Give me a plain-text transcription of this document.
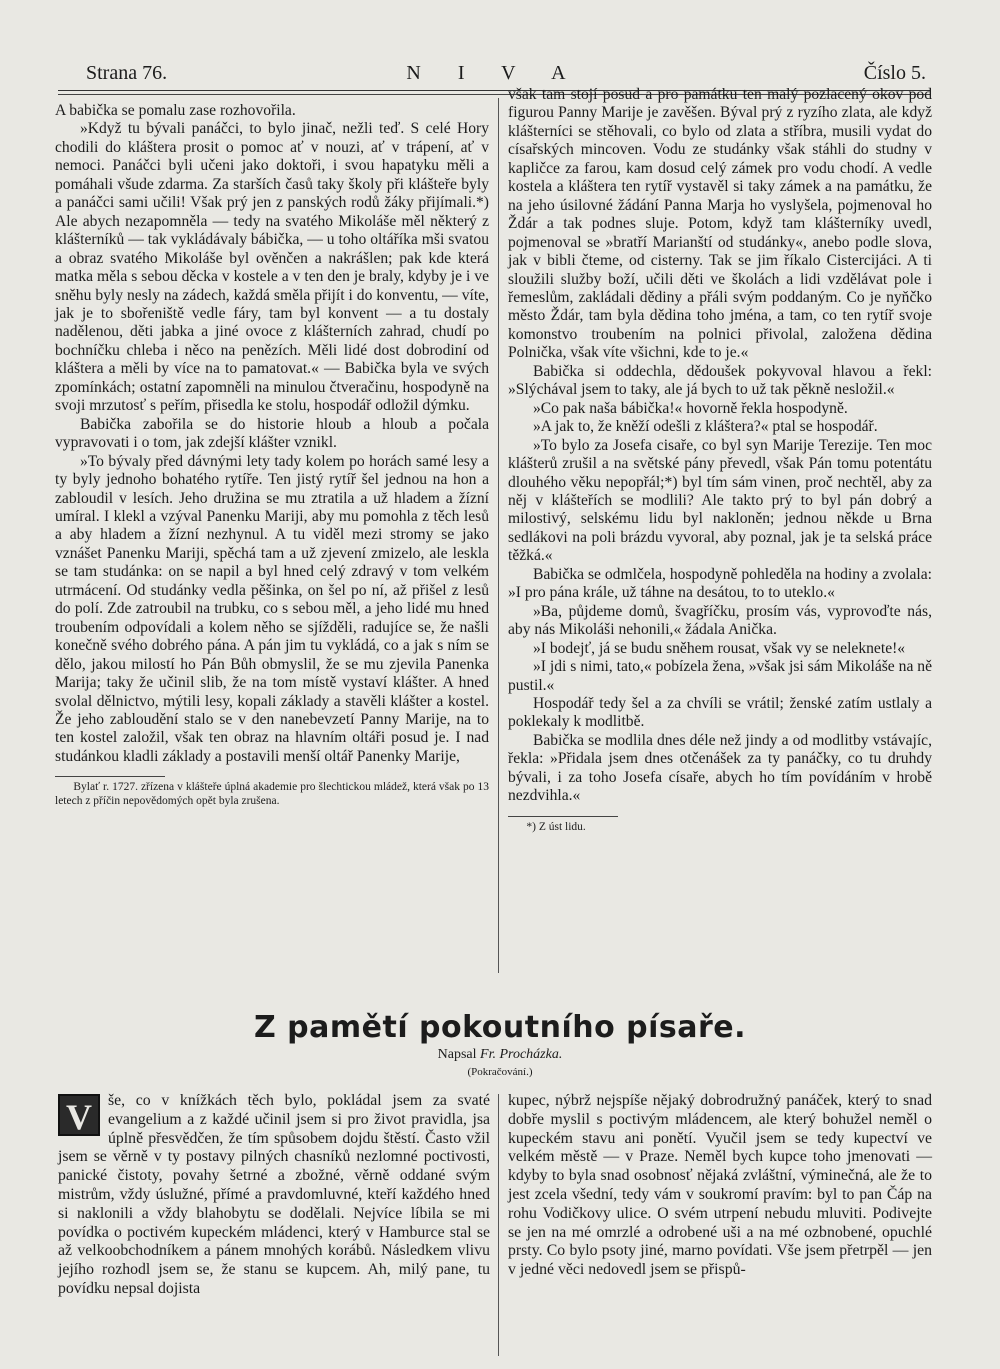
Strana 76.	N I V A	Číslo 5.

A babička se pomalu zase rozhovořila.

»Když tu bývali panáčci, to bylo jinač, nežli teď. S celé Hory chodili do kláštera prosit o pomoc ať v nouzi, ať v trápení, ať v nemoci. Panáčci byli učeni jako doktoři, i svou hapatyku měli a pomáhali všude zdarma. Za starších časů taky školy při klášteře byly a panáčci sami učili! Však prý jen z panských rodů žáky přijímali.*) Ale abych nezapomněla — tedy na svatého Mikoláše měl některý z klášterníků — tak vykládávaly bábička, — u toho oltáříka mši svatou a obraz svatého Mikoláše byl ověnčen a nakrášlen; pak kde která matka měla s sebou děcka v kostele a v ten den je braly, kdyby je i ve sněhu byly nesly na zádech, každá směla přijít i do konventu, — víte, jak je to sbořeniště vedle fáry, tam byl konvent — a tu dostaly nadělenou, děti jabka a jiné ovoce z klášterních zahrad, chudí po bochníčku chleba i něco na penězích. Měli lidé dost dobrodiní od kláštera a měli by více na to pamatovat.« — Babička byla ve svých zpomínkách; ostatní zapomněli na minulou čtveračinu, hospodyně na svoji mrzutosť s peřím, přisedla ke stolu, hospodář odložil dýmku.

Babička zabořila se do historie hloub a hloub a počala vypravovati i o tom, jak zdejší klášter vznikl.

»To bývaly před dávnými lety tady kolem po horách samé lesy a ty byly jednoho bohatého rytíře. Ten jistý rytíř šel jednou na hon a zabloudil v lesích. Jeho družina se mu ztratila a už hladem a žízní umíral. I klekl a vzýval Panenku Mariji, aby mu pomohla z těch lesů a aby hladem a žízní nezhynul. A tu viděl mezi stromy se jako vznášet Panenku Mariji, spěchá tam a už zjevení zmizelo, ale leskla se tam studánka: on se napil a byl hned celý zdravý v tom velkém utrmácení. Od studánky vedla pěšinka, on šel po ní, až přišel z lesů do polí. Zde zatroubil na trubku, co s sebou měl, a jeho lidé mu hned troubením odpovídali a kolem něho se sjížděli, radujíce se, že našli konečně svého dobrého pána. A pán jim tu vykládá, co a jak s ním se dělo, jakou milostí ho Pán Bůh obmyslil, že se mu zjevila Panenka Marija; taky že učinil slib, že na tom místě vystaví klášter. A hned svolal dělnictvo, mýtili lesy, kopali základy a stavěli klášter a kostel. Že jeho zabloudění stalo se v den nanebevzetí Panny Marije, na to ten kostel založil, však ten obraz na hlavním oltáři posud je. I nad studánkou kladli základy a postavili menší oltář Panenky Marije,

Bylať r. 1727. zřízena v klášteře úplná akademie pro šlechtickou mládež, která však po 13 letech z příčin nepovědomých opět byla zrušena.

však tam stojí posud a pro památku ten malý pozlacený okov pod figurou Panny Marije je zavěšen. Býval prý z ryzího zlata, ale když klášterníci se stěhovali, co bylo od zlata a stříbra, musili vydat do císařských mincoven. Vodu ze studánky však stáhli do studny v kapličce za farou, kam dosud celý zámek pro vodu chodí. A vedle kostela a kláštera ten rytíř vystavěl si taky zámek a na památku, že na jeho úsilovné žádání Panna Marja ho vyslyšela, pojmenoval ho Ždár a tak podnes sluje. Potom, když tam klášterníky uvedl, pojmenoval se »bratří Marianští od studánky«, anebo podle slova, jak v bibli čteme, od cisterny. Tak se jim říkalo Cistercijáci. A ti sloužili služby boží, učili děti ve školách a lidi vzdělávat pole i řemeslům, zakládali dědiny a přáli svým poddaným. Co je nyňčko město Ždár, tam byla dědina toho jména, a tam, co ten rytíř svoje komonstvo troubením na polnici přivolal, založena dědina Polnička, však víte všichni, kde to je.«

Babička si oddechla, dědoušek pokyvoval hlavou a řekl: »Slýchával jsem to taky, ale já bych to už tak pěkně nesložil.«

»Co pak naša bábička!« hovorně řekla hospodyně.

»A jak to, že kněží odešli z kláštera?« ptal se hospodář.

»To bylo za Josefa cisaře, co byl syn Marije Terezije. Ten moc klášterů zrušil a na světské pány převedl, však Pán tomu potentátu dlouhého věku nepopřál;*) byl tím sám vinen, proč nechtěl, aby za něj v klášteřích se modlili? Ale takto prý to byl pán dobrý a milostivý, selskému lidu byl nakloněn; jednou někde u Brna sedlákovi na poli brázdu vyvoral, aby poznal, jak je ta selská práce těžká.«

Babička se odmlčela, hospodyně pohleděla na hodiny a zvolala: »I pro pána krále, už táhne na desátou, to to uteklo.«

»Ba, půjdeme domů, švagříčku, prosím vás, vyprovoďte nás, aby nás Mikoláši nehonili,« žádala Anička.

»I bodejť, já se budu sněhem rousat, však vy se neleknete!«

»I jdi s nimi, tato,« pobízela žena, »však jsi sám Mikoláše na ně pustil.«

Hospodář tedy šel a za chvíli se vrátil; ženské zatím ustlaly a poklekaly k modlitbě.

Babička se modlila dnes déle než jindy a od modlitby vstávajíc, řekla: »Přidala jsem dnes otčenášek za ty panáčky, co tu druhdy bývali, i za toho Josefa císaře, abych ho tím povídáním v hrobě nezdvihla.«

*) Z úst lidu.

Z pamětí pokoutního písaře.
Napsal Fr. Procházka.
(Pokračování.)

V	še, co v knížkách těch bylo, pokládal jsem za svaté evangelium a z každé učinil jsem si pro život pravidla, jsa úplně přesvědčen, že tím spůsobem dojdu štěstí. Často vžil jsem se věrně v ty postavy pilných chasníků nezlomné poctivosti, panické čistoty, povahy šetrné a zbožné, věrně oddané svým mistrům, vždy úslužné, přímé a pravdomluvné, kteří každého hned si naklonili a vždy blahobytu se dodělali. Nejvíce líbila se mi povídka o poctivém kupeckém mládenci, který v Hamburce stal se až velkoobchodníkem a pánem mnohých korábů. Následkem vlivu jejího rozhodl jsem se, že stanu se kupcem. Ah, milý pane, tu povídku nepsal dojista

kupec, nýbrž nejspíše nějaký dobrodružný panáček, který to snad dobře myslil s poctivým mládencem, ale který bohužel neměl o kupeckém stavu ani ponětí. Vyučil jsem se tedy kupectví ve velkém městě — v Praze. Neměl bych kupce toho jmenovati — kdyby to byla snad osobnosť nějaká zvláštní, výminečná, ale že to jest zcela všední, tedy vám v soukromí pravím: byl to pan Čáp na rohu Vodičkovy ulice. O svém utrpení nebudu mluviti. Podivejte se jen na mé omrzlé a odrobené uši a na mé ozbnobené, opuchlé prsty. Co bylo psoty jiné, marno povídati. Vše jsem přetrpěl — jen v jedné věci nedovedl jsem se přispů-
